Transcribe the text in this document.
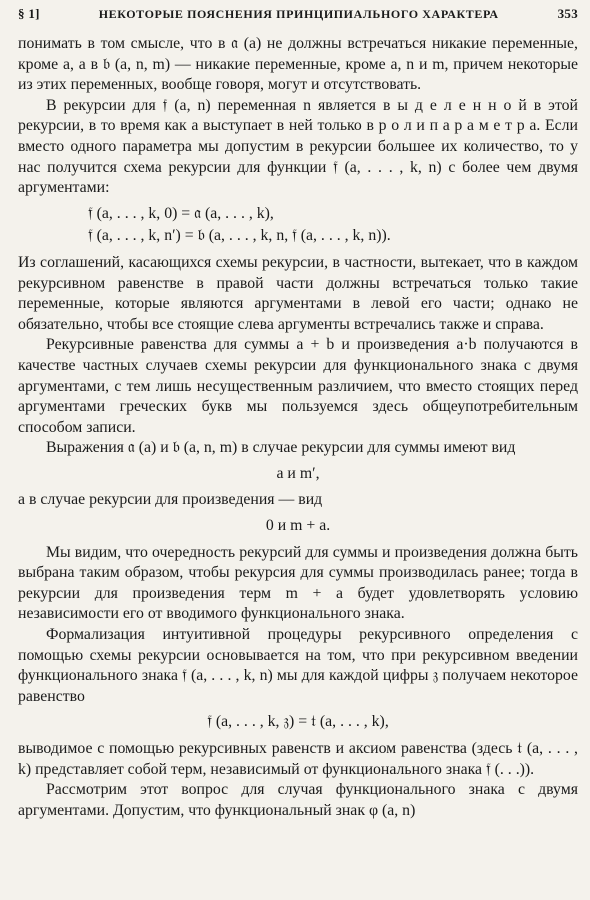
§ 1]	НЕКОТОРЫЕ ПОЯСНЕНИЯ ПРИНЦИПИАЛЬНОГО ХАРАКТЕРА	353

понимать в том смысле, что в 𝔞 (a) не должны встречаться никакие переменные, кроме a, а в 𝔟 (a, n, m) — никакие переменные, кроме a, n и m, причем некоторые из этих переменных, вообще говоря, могут и отсутствовать.

В рекурсии для 𝔣 (a, n) переменная n является в ы д е л е н н о й в этой рекурсии, в то время как a выступает в ней только в р о л и п а р а м е т р а. Если вместо одного параметра мы допустим в рекурсии большее их количество, то у нас получится схема рекурсии для функции 𝔣 (a, . . . , k, n) с более чем двумя аргументами:

𝔣 (a, . . . , k, 0) = 𝔞 (a, . . . , k),
𝔣 (a, . . . , k, n′) = 𝔟 (a, . . . , k, n, 𝔣 (a, . . . , k, n)).

Из соглашений, касающихся схемы рекурсии, в частности, вытекает, что в каждом рекурсивном равенстве в правой части должны встречаться только такие переменные, которые являются аргументами в левой его части; однако не обязательно, чтобы все стоящие слева аргументы встречались также и справа.

Рекурсивные равенства для суммы a + b и произведения a·b получаются в качестве частных случаев схемы рекурсии для функционального знака с двумя аргументами, с тем лишь несущественным различием, что вместо стоящих перед аргументами греческих букв мы пользуемся здесь общеупотребительным способом записи.

Выражения 𝔞 (a) и 𝔟 (a, n, m) в случае рекурсии для суммы имеют вид

a и m′,

а в случае рекурсии для произведения — вид

0 и m + a.

Мы видим, что очередность рекурсий для суммы и произведения должна быть выбрана таким образом, чтобы рекурсия для суммы производилась ранее; тогда в рекурсии для произведения терм m + a будет удовлетворять условию независимости его от вводимого функционального знака.

Формализация интуитивной процедуры рекурсивного определения с помощью схемы рекурсии основывается на том, что при рекурсивном введении функционального знака 𝔣 (a, . . . , k, n) мы для каждой цифры 𝔷 получаем некоторое равенство

𝔣 (a, . . . , k, 𝔷) = 𝔱 (a, . . . , k),

выводимое с помощью рекурсивных равенств и аксиом равенства (здесь 𝔱 (a, . . . , k) представляет собой терм, независимый от функционального знака 𝔣 (. . .)).

Рассмотрим этот вопрос для случая функционального знака с двумя аргументами. Допустим, что функциональный знак φ (a, n)
